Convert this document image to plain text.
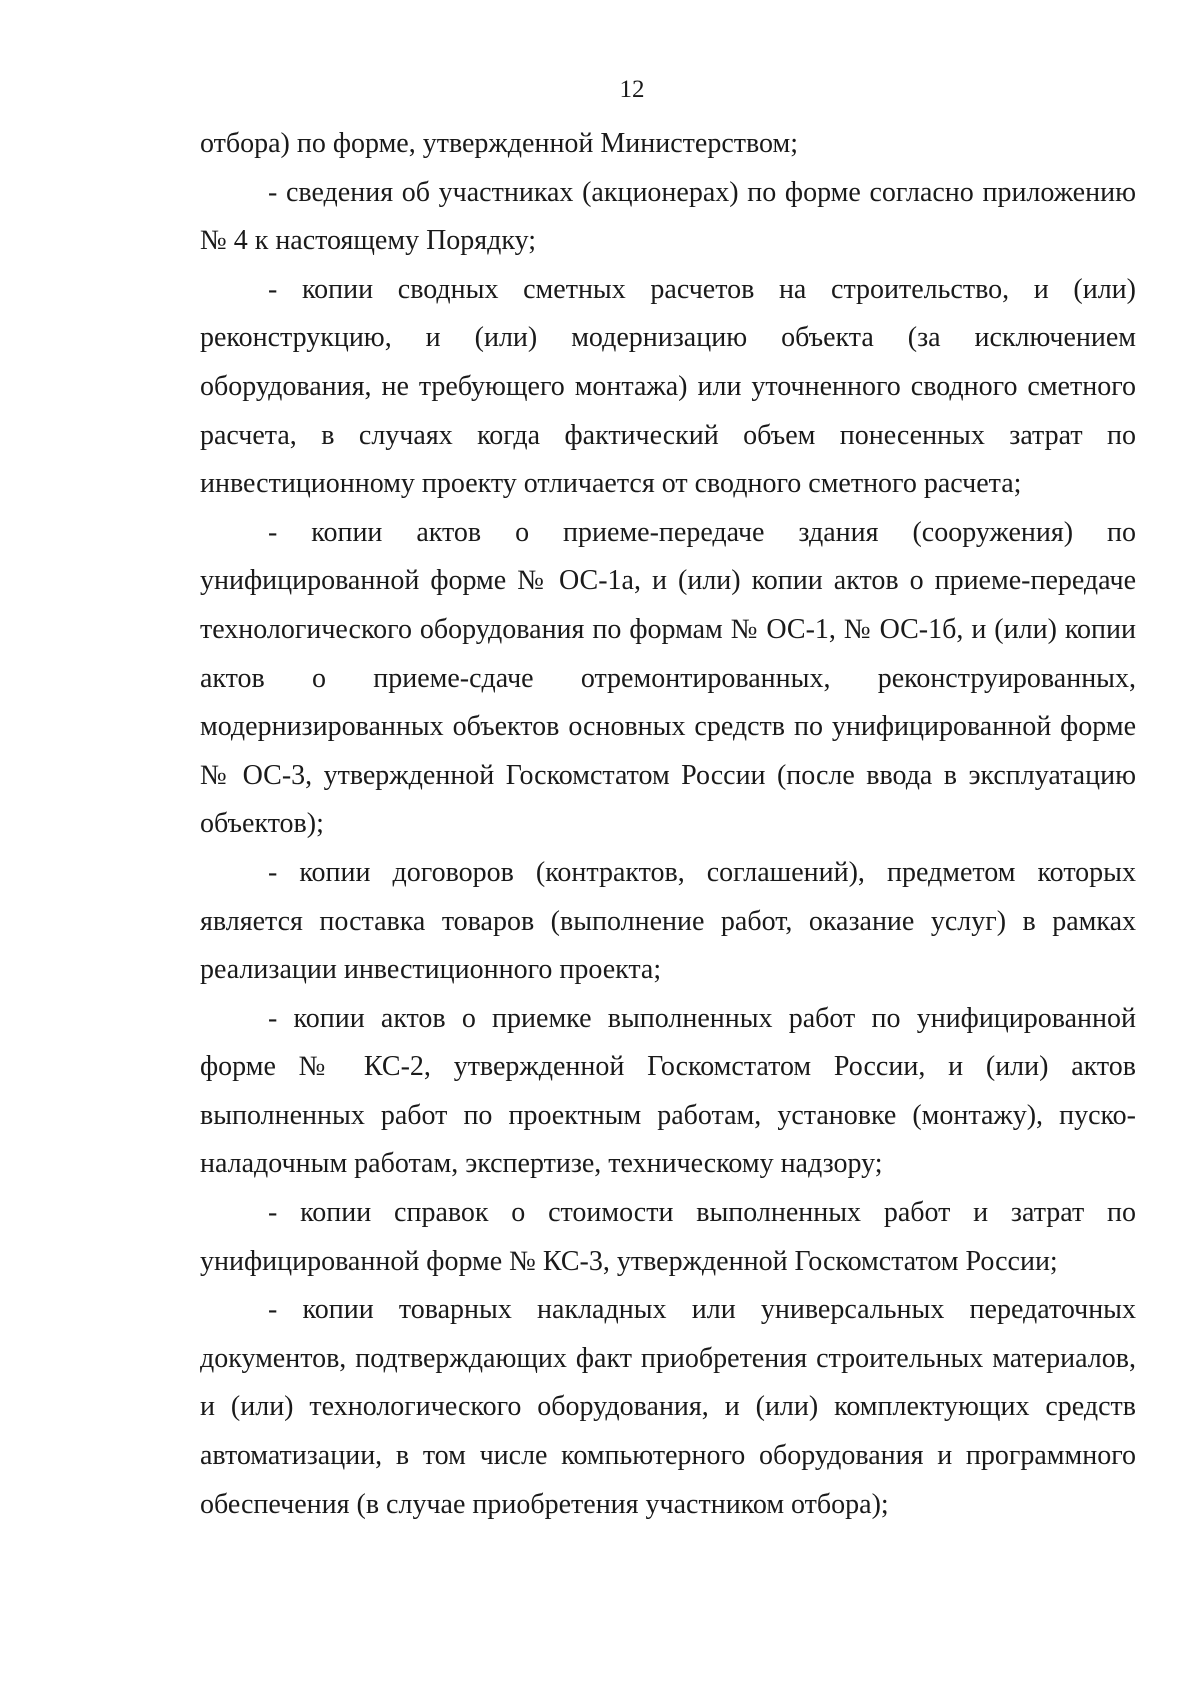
12

отбора) по форме, утвержденной Министерством;

- сведения об участниках (акционерах) по форме согласно приложению № 4 к настоящему Порядку;

- копии сводных сметных расчетов на строительство, и (или) реконструкцию, и (или) модернизацию объекта (за исключением оборудования, не требующего монтажа) или уточненного сводного сметного расчета, в случаях когда фактический объем понесенных затрат по инвестиционному проекту отличается от сводного сметного расчета;

- копии актов о приеме-передаче здания (сооружения) по унифицированной форме № ОС-1а, и (или) копии актов о приеме-передаче технологического оборудования по формам № ОС-1, № ОС-1б, и (или) копии актов о приеме-сдаче отремонтированных, реконструированных, модернизированных объектов основных средств по унифицированной форме № ОС-3, утвержденной Госкомстатом России (после ввода в эксплуатацию объектов);

- копии договоров (контрактов, соглашений), предметом которых является поставка товаров (выполнение работ, оказание услуг) в рамках реализации инвестиционного проекта;

- копии актов о приемке выполненных работ по унифицированной форме № КС-2, утвержденной Госкомстатом России, и (или) актов выполненных работ по проектным работам, установке (монтажу), пуско-наладочным работам, экспертизе, техническому надзору;

- копии справок о стоимости выполненных работ и затрат по унифицированной форме № КС-3, утвержденной Госкомстатом России;

- копии товарных накладных или универсальных передаточных документов, подтверждающих факт приобретения строительных материалов, и (или) технологического оборудования, и (или) комплектующих средств автоматизации, в том числе компьютерного оборудования и программного обеспечения (в случае приобретения участником отбора);
